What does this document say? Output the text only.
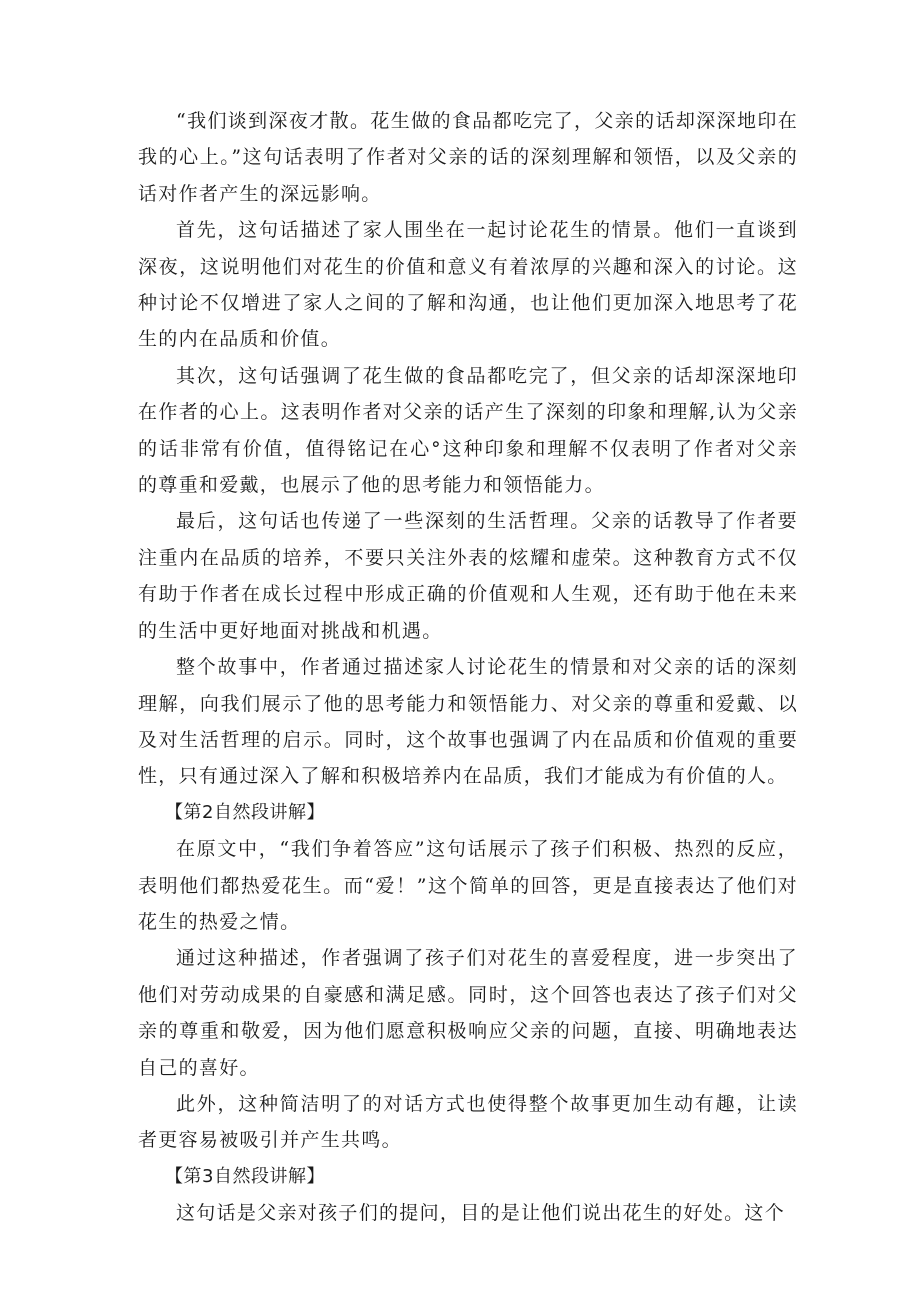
“我们谈到深夜才散。花生做的食品都吃完了，父亲的话却深深地印在我的心上。”这句话表明了作者对父亲的话的深刻理解和领悟，以及父亲的话对作者产生的深远影响。

首先，这句话描述了家人围坐在一起讨论花生的情景。他们一直谈到深夜，这说明他们对花生的价值和意义有着浓厚的兴趣和深入的讨论。这种讨论不仅增进了家人之间的了解和沟通，也让他们更加深入地思考了花生的内在品质和价值。

其次，这句话强调了花生做的食品都吃完了，但父亲的话却深深地印在作者的心上。这表明作者对父亲的话产生了深刻的印象和理解,认为父亲的话非常有价值，值得铭记在心°这种印象和理解不仅表明了作者对父亲的尊重和爱戴，也展示了他的思考能力和领悟能力。

最后，这句话也传递了一些深刻的生活哲理。父亲的话教导了作者要注重内在品质的培养，不要只关注外表的炫耀和虚荣。这种教育方式不仅有助于作者在成长过程中形成正确的价值观和人生观，还有助于他在未来的生活中更好地面对挑战和机遇。

整个故事中，作者通过描述家人讨论花生的情景和对父亲的话的深刻理解，向我们展示了他的思考能力和领悟能力、对父亲的尊重和爱戴、以及对生活哲理的启示。同时，这个故事也强调了内在品质和价值观的重要性，只有通过深入了解和积极培养内在品质，我们才能成为有价值的人。

【第2自然段讲解】

在原文中，“我们争着答应”这句话展示了孩子们积极、热烈的反应，表明他们都热爱花生。而“爱！”这个简单的回答，更是直接表达了他们对花生的热爱之情。

通过这种描述，作者强调了孩子们对花生的喜爱程度，进一步突出了他们对劳动成果的自豪感和满足感。同时，这个回答也表达了孩子们对父亲的尊重和敬爱，因为他们愿意积极响应父亲的问题，直接、明确地表达自己的喜好。

此外，这种简洁明了的对话方式也使得整个故事更加生动有趣，让读者更容易被吸引并产生共鸣。

【第3自然段讲解】

这句话是父亲对孩子们的提问，目的是让他们说出花生的好处。这个
